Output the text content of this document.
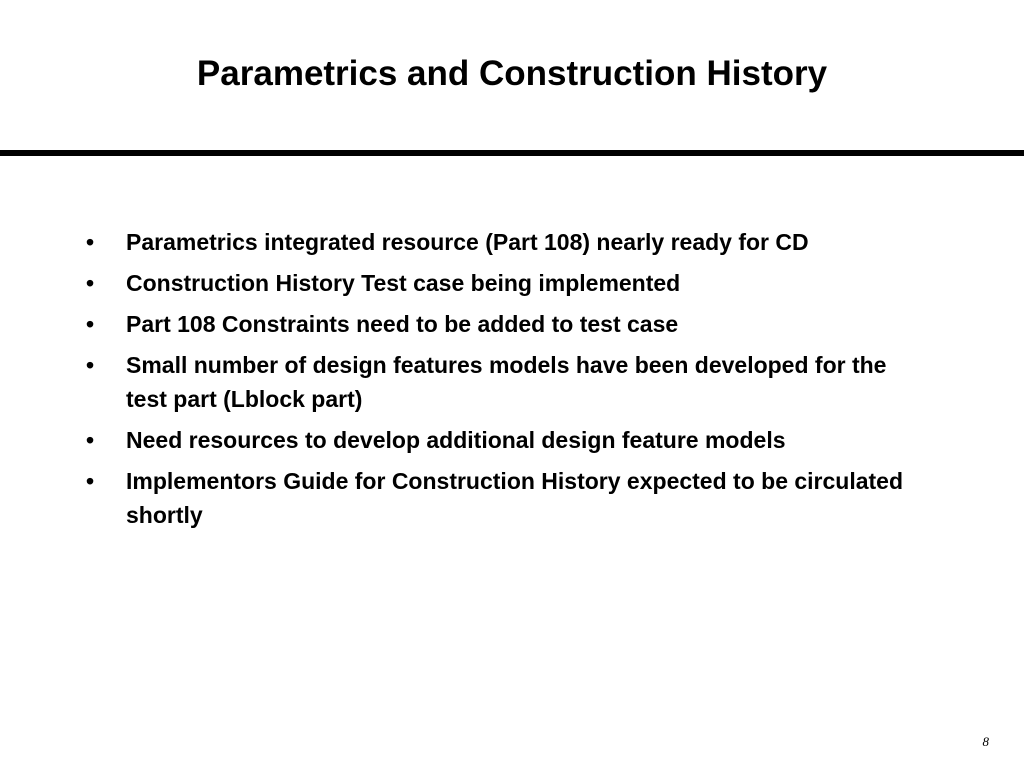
Parametrics and Construction History
• Parametrics integrated resource (Part 108) nearly ready for CD
• Construction History Test case being implemented
• Part 108 Constraints need to be added to test case
• Small number of design features models have been developed for the test part (Lblock part)
• Need resources to develop additional design feature models
• Implementors Guide for Construction History expected to be circulated shortly
8
